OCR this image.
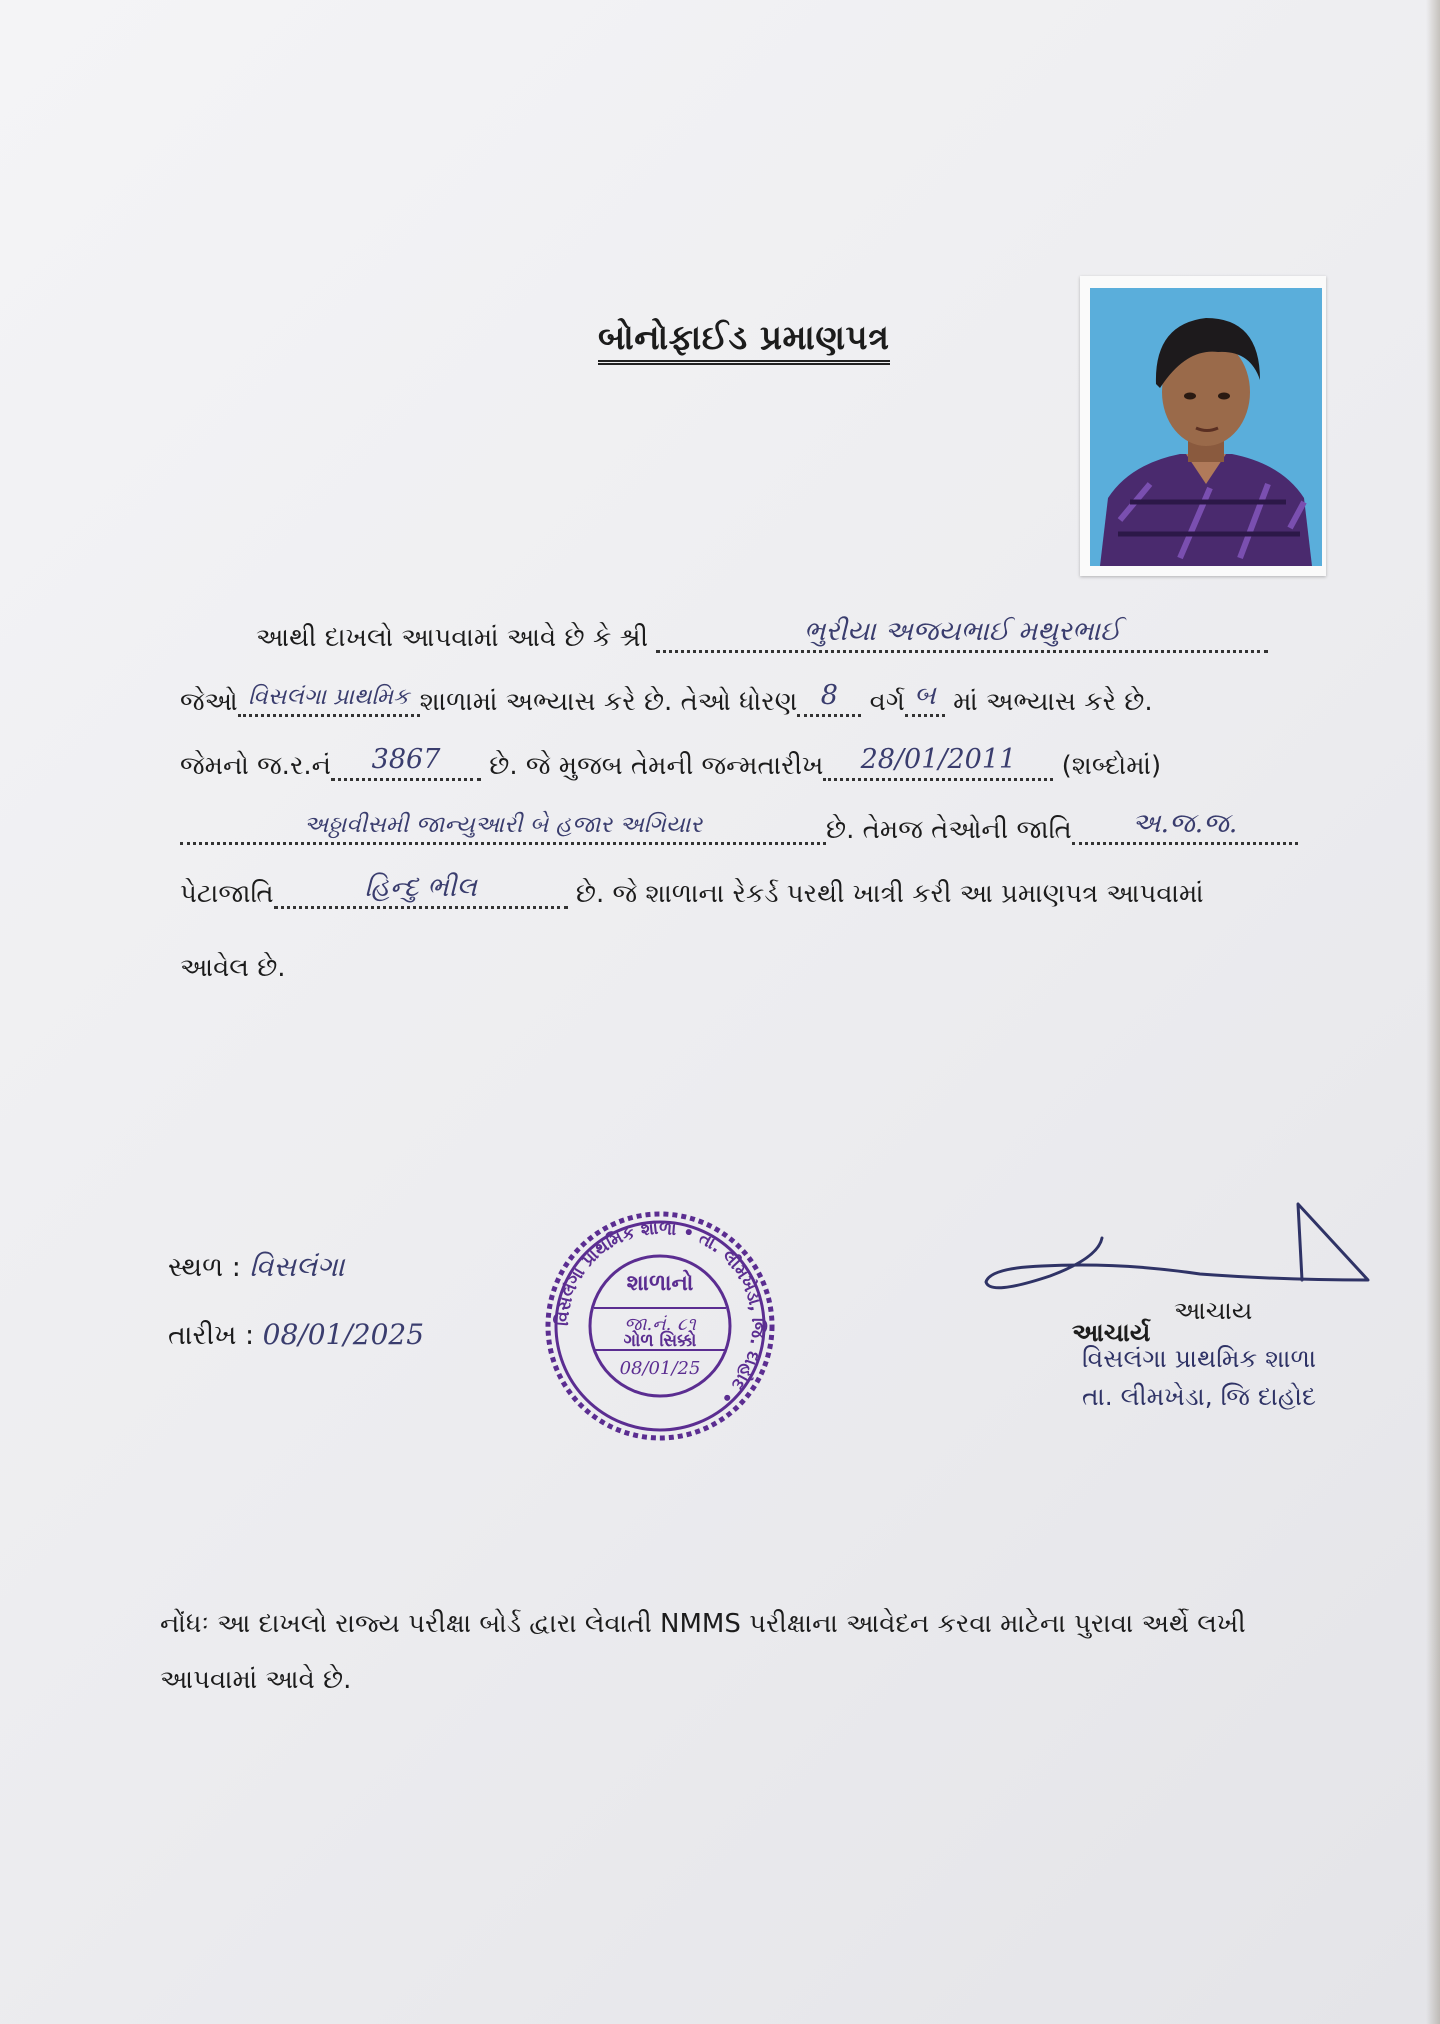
બોનોફાઈડ પ્રમાણપત્ર
આથી દાખલો આપવામાં આવે છે કે શ્રી	ભુરીયા અજયભાઈ મથુરભાઈ
જેઓ વિસલંગા પ્રાથમિક શાળામાં અભ્યાસ કરે છે. તેઓ ધોરણ 8 વર્ગ બ માં અભ્યાસ કરે છે.
જેમનો જ.ર.નં 3867 છે. જે મુજબ તેમની જન્મતારીખ 28/01/2011 (શબ્દોમાં)
અઠ્ઠાવીસમી જાન્યુઆરી બે હજાર અગિયાર	છે. તેમજ તેઓની જાતિ અ.જ.જ.
પેટાજાતિ	હિન્દુ ભીલ	છે. જે શાળાના રેકર્ડ પરથી ખાત્રી કરી આ પ્રમાણપત્ર આપવામાં
આવેલ છે.
સ્થળ : વિસલંગા
તારીખ : 08/01/2025	વિસલંગા પ્રાથમિક શાળા • તા. લીમખેડા, જિ. દાહોદ •
શાળાનો
જા.નં. ૮૧
ગોળ સિક્કો
08/01/25
આચાય
આચાર્ય
વિસલંગા પ્રાથમિક શાળા
તા. લીમખેડા, જિ દાહોદ
નોંધઃ આ દાખલો રાજ્ય પરીક્ષા બોર્ડ દ્વારા લેવાતી NMMS પરીક્ષાના આવેદન કરવા માટેના પુરાવા અર્થે લખી આપવામાં આવે છે.
